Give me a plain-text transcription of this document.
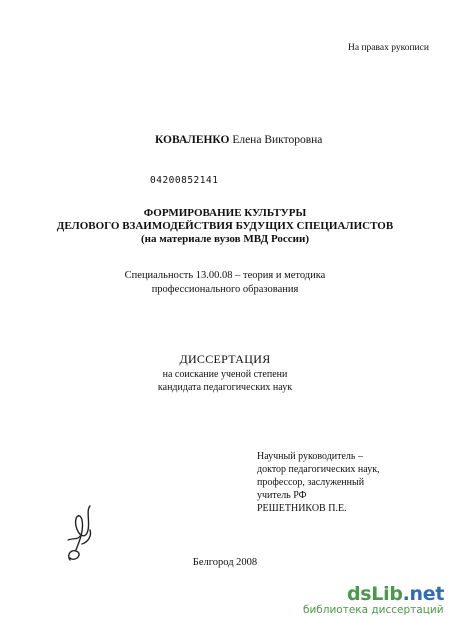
На правах рукописи
КОВАЛЕНКО Елена Викторовна
04200852141
ФОРМИРОВАНИЕ КУЛЬТУРЫ
ДЕЛОВОГО ВЗАИМОДЕЙСТВИЯ БУДУЩИХ СПЕЦИАЛИСТОВ
(на материале вузов МВД России)
Специальность 13.00.08 – теория и методика
профессионального образования
ДИССЕРТАЦИЯ
на соискание ученой степени
кандидата педагогических наук
Научный руководитель –
доктор педагогических наук,
профессор, заслуженный
учитель РФ
РЕШЕТНИКОВ П.Е.
Белгород 2008
dsLib.net
библиотека диссертаций
